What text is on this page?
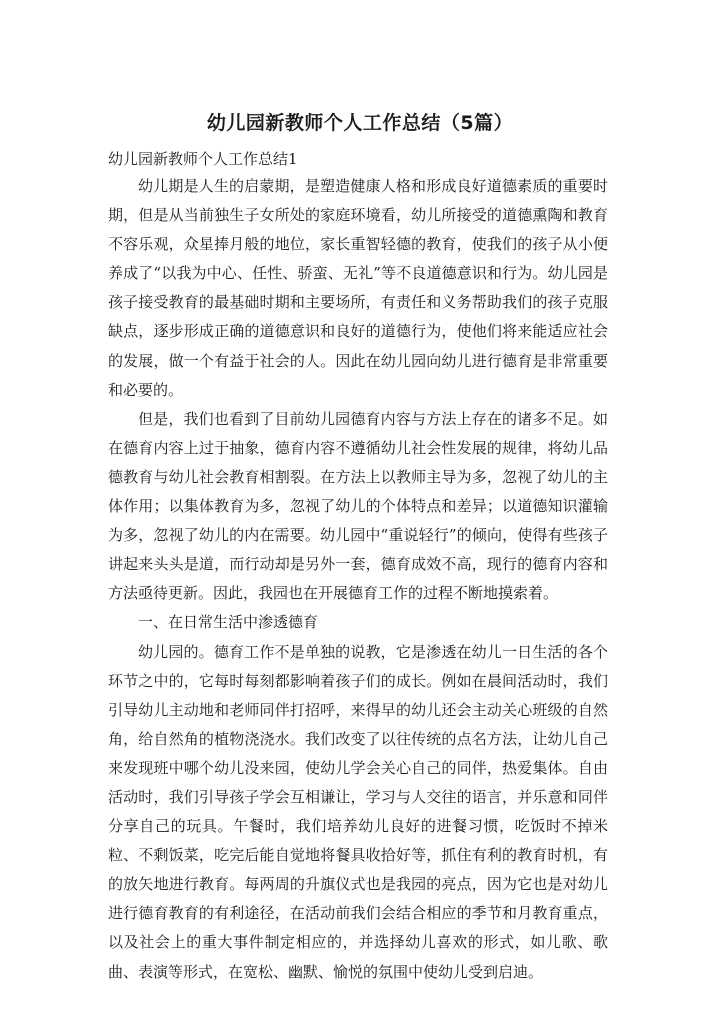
幼儿园新教师个人工作总结（5篇）
幼儿园新教师个人工作总结1

幼儿期是人生的启蒙期，是塑造健康人格和形成良好道德素质的重要时期，但是从当前独生子女所处的家庭环境看，幼儿所接受的道德熏陶和教育不容乐观，众星捧月般的地位，家长重智轻德的教育，使我们的孩子从小便养成了“以我为中心、任性、骄蛮、无礼”等不良道德意识和行为。幼儿园是孩子接受教育的最基础时期和主要场所，有责任和义务帮助我们的孩子克服缺点，逐步形成正确的道德意识和良好的道德行为，使他们将来能适应社会的发展，做一个有益于社会的人。因此在幼儿园向幼儿进行德育是非常重要和必要的。

但是，我们也看到了目前幼儿园德育内容与方法上存在的诸多不足。如在德育内容上过于抽象，德育内容不遵循幼儿社会性发展的规律，将幼儿品德教育与幼儿社会教育相割裂。在方法上以教师主导为多，忽视了幼儿的主体作用；以集体教育为多，忽视了幼儿的个体特点和差异；以道德知识灌输为多，忽视了幼儿的内在需要。幼儿园中“重说轻行”的倾向，使得有些孩子讲起来头头是道，而行动却是另外一套，德育成效不高，现行的德育内容和方法亟待更新。因此，我园也在开展德育工作的过程不断地摸索着。

一、在日常生活中渗透德育

幼儿园的。德育工作不是单独的说教，它是渗透在幼儿一日生活的各个环节之中的，它每时每刻都影响着孩子们的成长。例如在晨间活动时，我们引导幼儿主动地和老师同伴打招呼，来得早的幼儿还会主动关心班级的自然角，给自然角的植物浇浇水。我们改变了以往传统的点名方法，让幼儿自己来发现班中哪个幼儿没来园，使幼儿学会关心自己的同伴，热爱集体。自由活动时，我们引导孩子学会互相谦让，学习与人交往的语言，并乐意和同伴分享自己的玩具。午餐时，我们培养幼儿良好的进餐习惯，吃饭时不掉米粒、不剩饭菜，吃完后能自觉地将餐具收拾好等，抓住有利的教育时机，有的放矢地进行教育。每两周的升旗仪式也是我园的亮点，因为它也是对幼儿进行德育教育的有利途径，在活动前我们会结合相应的季节和月教育重点，以及社会上的重大事件制定相应的，并选择幼儿喜欢的形式，如儿歌、歌曲、表演等形式，在宽松、幽默、愉悦的氛围中使幼儿受到启迪。
